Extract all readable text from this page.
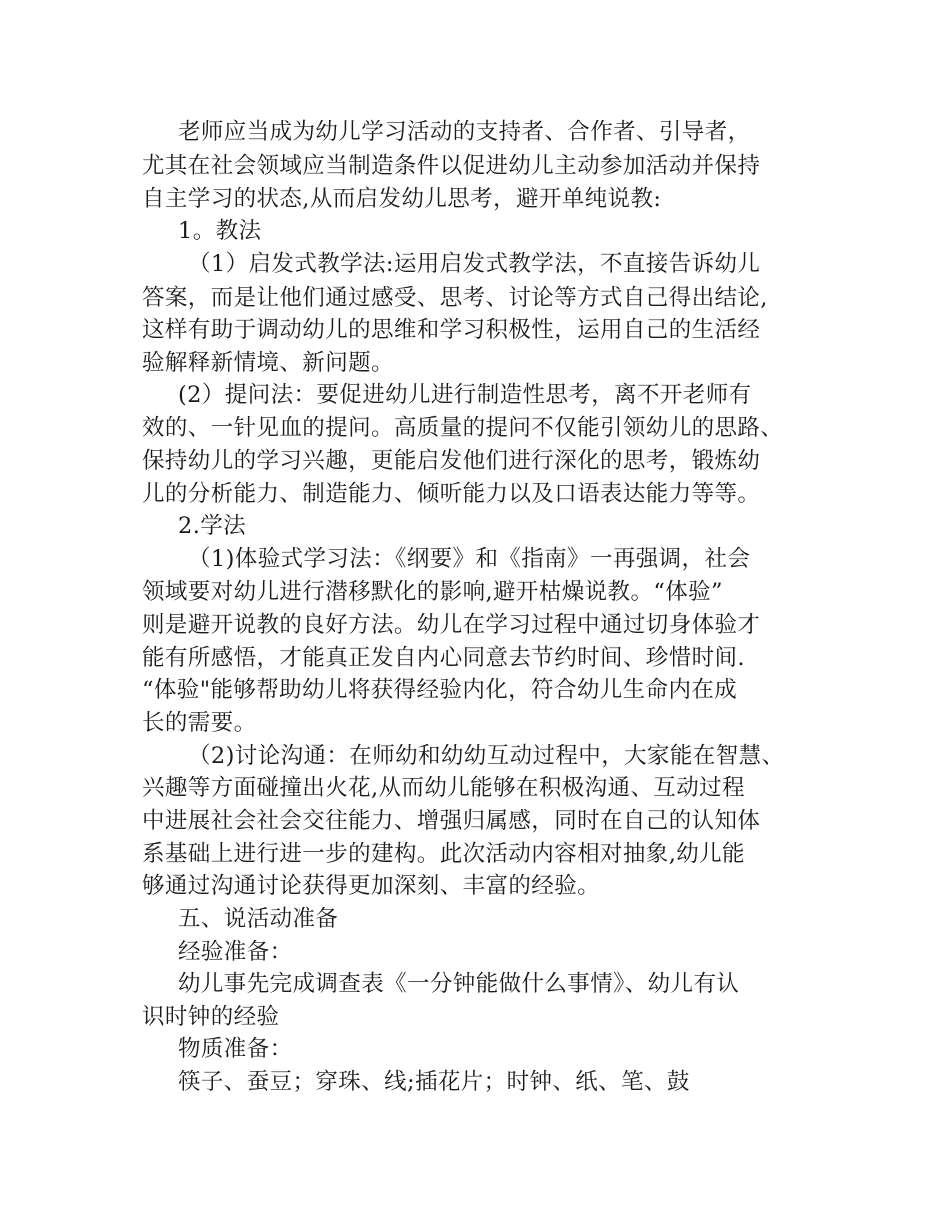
老师应当成为幼儿学习活动的支持者、合作者、引导者，
尤其在社会领域应当制造条件以促进幼儿主动参加活动并保持
自主学习的状态,从而启发幼儿思考，避开单纯说教:
1。教法
（1）启发式教学法:运用启发式教学法，不直接告诉幼儿
答案，而是让他们通过感受、思考、讨论等方式自己得出结论,
这样有助于调动幼儿的思维和学习积极性，运用自己的生活经
验解释新情境、新问题。
(2）提问法：要促进幼儿进行制造性思考，离不开老师有
效的、一针见血的提问。高质量的提问不仅能引领幼儿的思路、
保持幼儿的学习兴趣，更能启发他们进行深化的思考，锻炼幼
儿的分析能力、制造能力、倾听能力以及口语表达能力等等。
2.学法
（1)体验式学习法：《纲要》和《指南》一再强调，社会
领域要对幼儿进行潜移默化的影响,避开枯燥说教。“体验”
则是避开说教的良好方法。幼儿在学习过程中通过切身体验才
能有所感悟，才能真正发自内心同意去节约时间、珍惜时间.
“体验"能够帮助幼儿将获得经验内化，符合幼儿生命内在成
长的需要。
（2)讨论沟通：在师幼和幼幼互动过程中，大家能在智慧、
兴趣等方面碰撞出火花,从而幼儿能够在积极沟通、互动过程
中进展社会社会交往能力、增强归属感，同时在自己的认知体
系基础上进行进一步的建构。此次活动内容相对抽象,幼儿能
够通过沟通讨论获得更加深刻、丰富的经验。
五、说活动准备
经验准备：
幼儿事先完成调查表《一分钟能做什么事情》、幼儿有认
识时钟的经验
物质准备：
筷子、蚕豆；穿珠、线;插花片；时钟、纸、笔、鼓
